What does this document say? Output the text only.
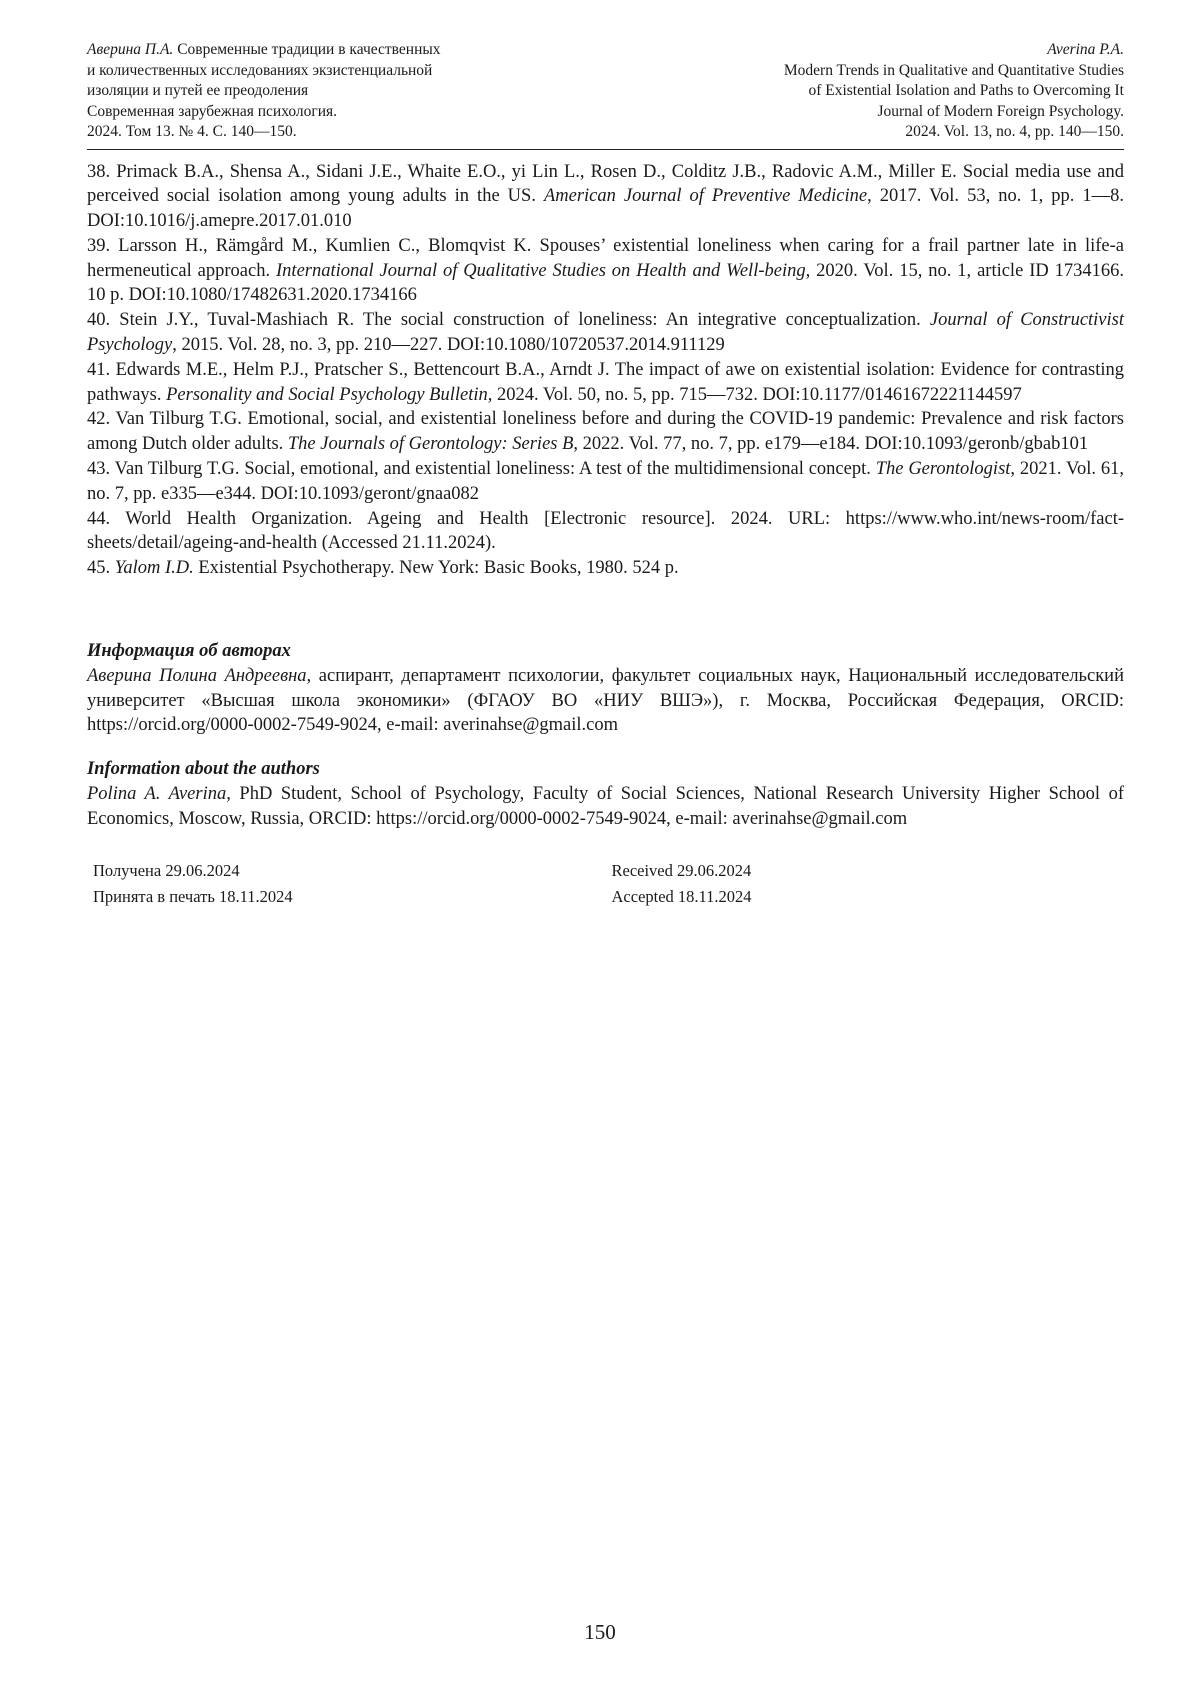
Аверина П.А. Современные традиции в качественных
и количественных исследованиях экзистенциальной
изоляции и путей ее преодоления
Современная зарубежная психология.
2024. Том 13. № 4. С. 140—150.
Averina P.A.
Modern Trends in Qualitative and Quantitative Studies
of Existential Isolation and Paths to Overcoming It
Journal of Modern Foreign Psychology.
2024. Vol. 13, no. 4, pp. 140—150.

38. Primack B.A., Shensa A., Sidani J.E., Whaite E.O., yi Lin L., Rosen D., Colditz J.B., Radovic A.M., Miller E. Social media use and perceived social isolation among young adults in the US. American Journal of Preventive Medicine, 2017. Vol. 53, no. 1, pp. 1—8. DOI:10.1016/j.amepre.2017.01.010

39. Larsson H., Rämgård M., Kumlien C., Blomqvist K. Spouses’ existential loneliness when caring for a frail partner late in life-a hermeneutical approach. International Journal of Qualitative Studies on Health and Well-being, 2020. Vol. 15, no. 1, article ID 1734166. 10 p. DOI:10.1080/17482631.2020.1734166

40. Stein J.Y., Tuval-Mashiach R. The social construction of loneliness: An integrative conceptualization. Journal of Constructivist Psychology, 2015. Vol. 28, no. 3, pp. 210—227. DOI:10.1080/10720537.2014.911129

41. Edwards M.E., Helm P.J., Pratscher S., Bettencourt B.A., Arndt J. The impact of awe on existential isolation: Evidence for contrasting pathways. Personality and Social Psychology Bulletin, 2024. Vol. 50, no. 5, pp. 715—732. DOI:10.1177/01461672221144597

42. Van Tilburg T.G. Emotional, social, and existential loneliness before and during the COVID-19 pandemic: Prevalence and risk factors among Dutch older adults. The Journals of Gerontology: Series B, 2022. Vol. 77, no. 7, pp. e179—e184. DOI:10.1093/geronb/gbab101

43. Van Tilburg T.G. Social, emotional, and existential loneliness: A test of the multidimensional concept. The Gerontologist, 2021. Vol. 61, no. 7, pp. e335—e344. DOI:10.1093/geront/gnaa082

44. World Health Organization. Ageing and Health [Electronic resource]. 2024. URL: https://www.who.int/news-room/fact-sheets/detail/ageing-and-health (Accessed 21.11.2024).

45. Yalom I.D. Existential Psychotherapy. New York: Basic Books, 1980. 524 p.

Информация об авторах
Аверина Полина Андреевна, аспирант, департамент психологии, факультет социальных наук, Национальный исследовательский университет «Высшая школа экономики» (ФГАОУ ВО «НИУ ВШЭ»), г. Москва, Российская Федерация, ORCID: https://orcid.org/0000-0002-7549-9024, e-mail: averinahse@gmail.com
Information about the authors
Polina A. Averina, PhD Student, School of Psychology, Faculty of Social Sciences, National Research University Higher School of Economics, Moscow, Russia, ORCID: https://orcid.org/0000-0002-7549-9024, e-mail: averinahse@gmail.com
Получена 29.06.2024
Принята в печать 18.11.2024
Received 29.06.2024
Accepted 18.11.2024
150
